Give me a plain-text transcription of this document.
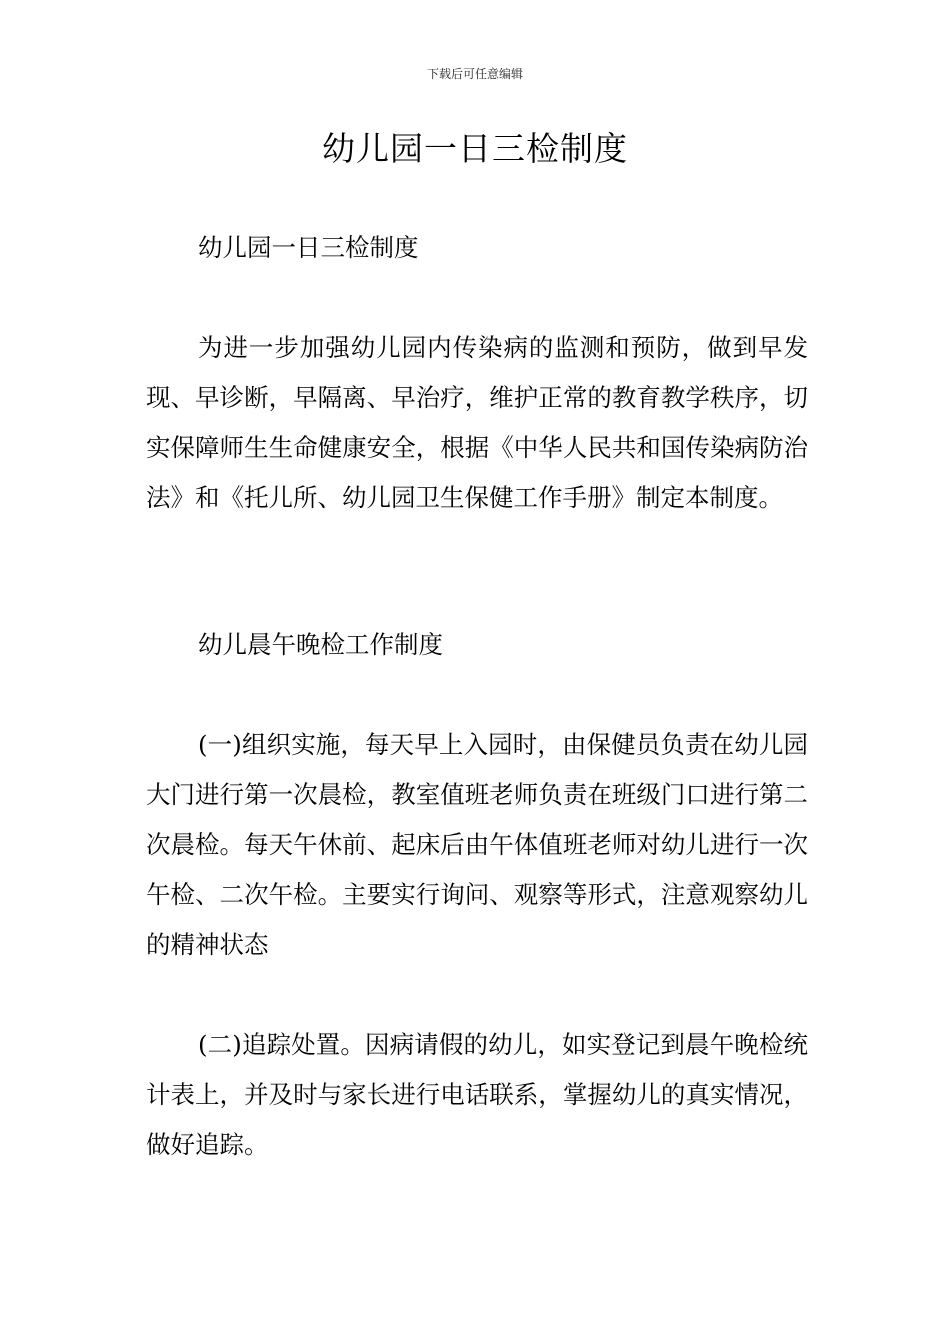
下载后可任意编辑
幼儿园一日三检制度

幼儿园一日三检制度

为进一步加强幼儿园内传染病的监测和预防，做到早发现、早诊断，早隔离、早治疗，维护正常的教育教学秩序，切实保障师生生命健康安全，根据《中华人民共和国传染病防治法》和《托儿所、幼儿园卫生保健工作手册》制定本制度。

幼儿晨午晚检工作制度

(一)组织实施，每天早上入园时，由保健员负责在幼儿园大门进行第一次晨检，教室值班老师负责在班级门口进行第二次晨检。每天午休前、起床后由午体值班老师对幼儿进行一次午检、二次午检。主要实行询问、观察等形式，注意观察幼儿的精神状态

(二)追踪处置。因病请假的幼儿，如实登记到晨午晚检统计表上，并及时与家长进行电话联系，掌握幼儿的真实情况，做好追踪。
